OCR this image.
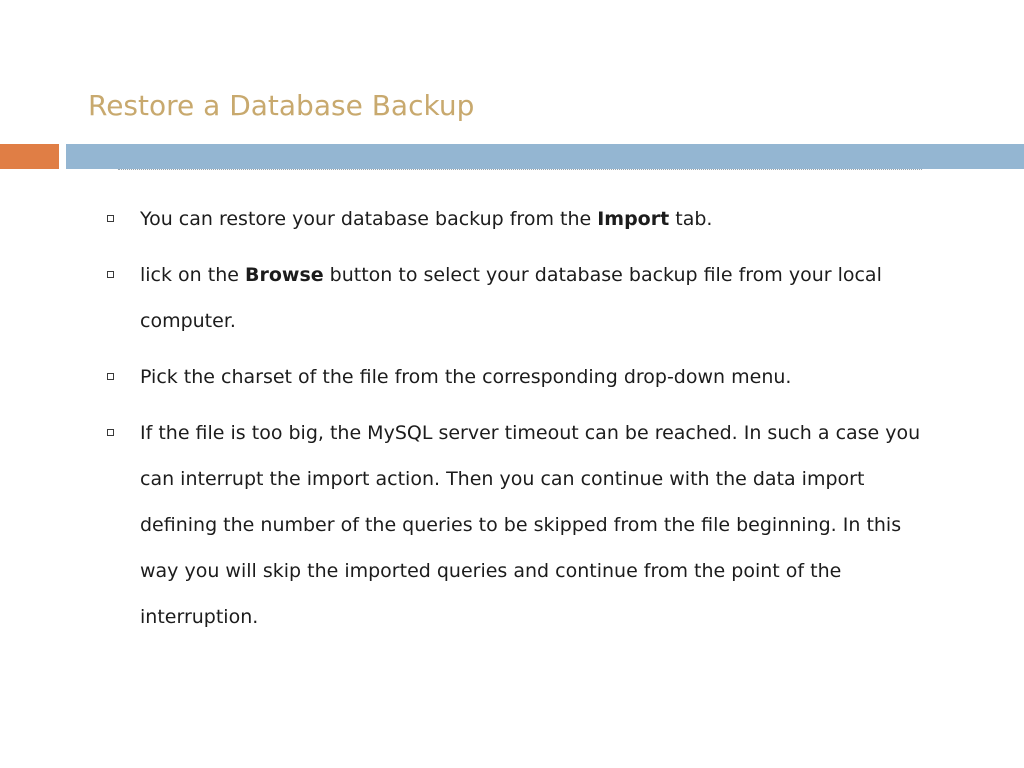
Restore a Database Backup
You can restore your database backup from the Import tab.
lick on the Browse button to select your database backup file from your local computer.
Pick the charset of the file from the corresponding drop-down menu.
If the file is too big, the MySQL server timeout can be reached. In such a case you can interrupt the import action. Then you can continue with the data import defining the number of the queries to be skipped from the file beginning. In this way you will skip the imported queries and continue from the point of the interruption.
